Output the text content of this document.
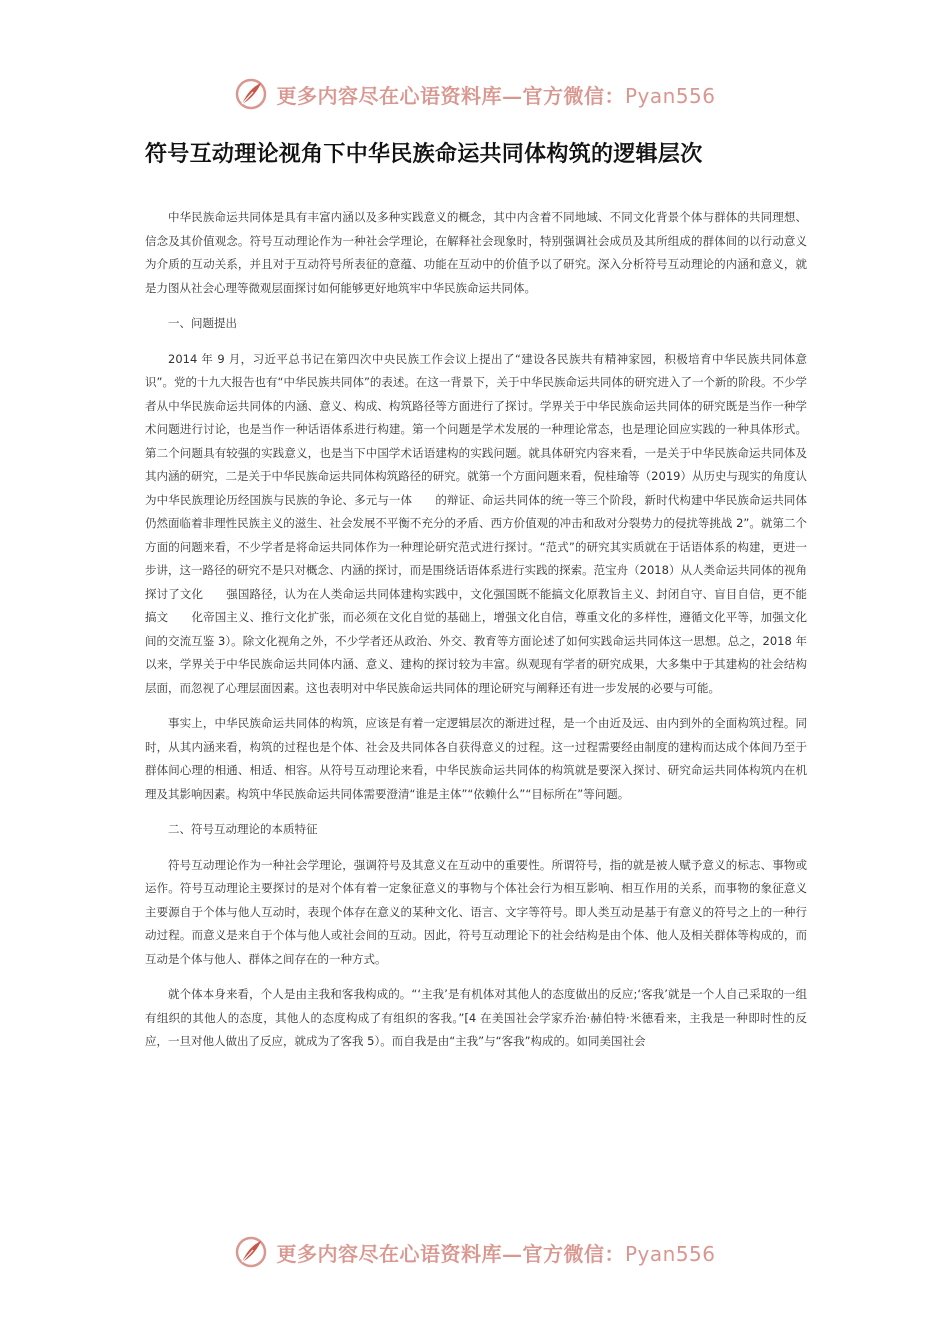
更多内容尽在心语资料库—官方微信：Pyan556
符号互动理论视角下中华民族命运共同体构筑的逻辑层次

中华民族命运共同体是具有丰富内涵以及多种实践意义的概念，其中内含着不同地域、不同文化背景个体与群体的共同理想、信念及其价值观念。符号互动理论作为一种社会学理论，在解释社会现象时，特别强调社会成员及其所组成的群体间的以行动意义为介质的互动关系，并且对于互动符号所表征的意蕴、功能在互动中的价值予以了研究。深入分析符号互动理论的内涵和意义，就是力图从社会心理等微观层面探讨如何能够更好地筑牢中华民族命运共同体。

一、问题提出

2014 年 9 月，习近平总书记在第四次中央民族工作会议上提出了“建设各民族共有精神家园，积极培育中华民族共同体意识”。党的十九大报告也有“中华民族共同体”的表述。在这一背景下，关于中华民族命运共同体的研究进入了一个新的阶段。不少学者从中华民族命运共同体的内涵、意义、构成、构筑路径等方面进行了探讨。学界关于中华民族命运共同体的研究既是当作一种学术问题进行讨论，也是当作一种话语体系进行构建。第一个问题是学术发展的一种理论常态，也是理论回应实践的一种具体形式。第二个问题具有较强的实践意义，也是当下中国学术话语建构的实践问题。就具体研究内容来看，一是关于中华民族命运共同体及其内涵的研究，二是关于中华民族命运共同体构筑路径的研究。就第一个方面问题来看，倪桂瑜等（2019）从历史与现实的角度认为中华民族理论历经国族与民族的争论、多元与一体　　的辩证、命运共同体的统一等三个阶段，新时代构建中华民族命运共同体仍然面临着非理性民族主义的滋生、社会发展不平衡不充分的矛盾、西方价值观的冲击和敌对分裂势力的侵扰等挑战 2”。就第二个方面的问题来看，不少学者是将命运共同体作为一种理论研究范式进行探讨。“范式”的研究其实质就在于话语体系的构建，更进一步讲，这一路径的研究不是只对概念、内涵的探讨，而是围绕话语体系进行实践的探索。范宝舟（2018）从人类命运共同体的视角探讨了文化　　强国路径，认为在人类命运共同体建构实践中，文化强国既不能搞文化原教旨主义、封闭自守、盲目自信，更不能搞文　　化帝国主义、推行文化扩张，而必须在文化自觉的基础上，增强文化自信，尊重文化的多样性，遵循文化平等，加强文化间的交流互鉴 3）。除文化视角之外，不少学者还从政治、外交、教育等方面论述了如何实践命运共同体这一思想。总之，2018 年以来，学界关于中华民族命运共同体内涵、意义、建构的探讨较为丰富。纵观现有学者的研究成果，大多集中于其建构的社会结构层面，而忽视了心理层面因素。这也表明对中华民族命运共同体的理论研究与阐释还有进一步发展的必要与可能。

事实上，中华民族命运共同体的构筑，应该是有着一定逻辑层次的渐进过程，是一个由近及远、由内到外的全面构筑过程。同时，从其内涵来看，构筑的过程也是个体、社会及共同体各自获得意义的过程。这一过程需要经由制度的建构而达成个体间乃至于群体间心理的相通、相适、相容。从符号互动理论来看，中华民族命运共同体的构筑就是要深入探讨、研究命运共同体构筑内在机理及其影响因素。构筑中华民族命运共同体需要澄清“谁是主体”“依赖什么”“目标所在”等问题。

二、符号互动理论的本质特征

符号互动理论作为一种社会学理论，强调符号及其意义在互动中的重要性。所谓符号，指的就是被人赋予意义的标志、事物或运作。符号互动理论主要探讨的是对个体有着一定象征意义的事物与个体社会行为相互影响、相互作用的关系，而事物的象征意义主要源自于个体与他人互动时，表现个体存在意义的某种文化、语言、文字等符号。即人类互动是基于有意义的符号之上的一种行动过程。而意义是来自于个体与他人或社会间的互动。因此，符号互动理论下的社会结构是由个体、他人及相关群体等构成的，而互动是个体与他人、群体之间存在的一种方式。

就个体本身来看，个人是由主我和客我构成的。“‘主我’是有机体对其他人的态度做出的反应;‘客我’就是一个人自己采取的一组有组织的其他人的态度，其他人的态度构成了有组织的客我。”[4 在美国社会学家乔治·赫伯特·米德看来，主我是一种即时性的反应，一旦对他人做出了反应，就成为了客我 5）。而自我是由“主我”与“客我”构成的。如同美国社会

更多内容尽在心语资料库—官方微信：Pyan556
